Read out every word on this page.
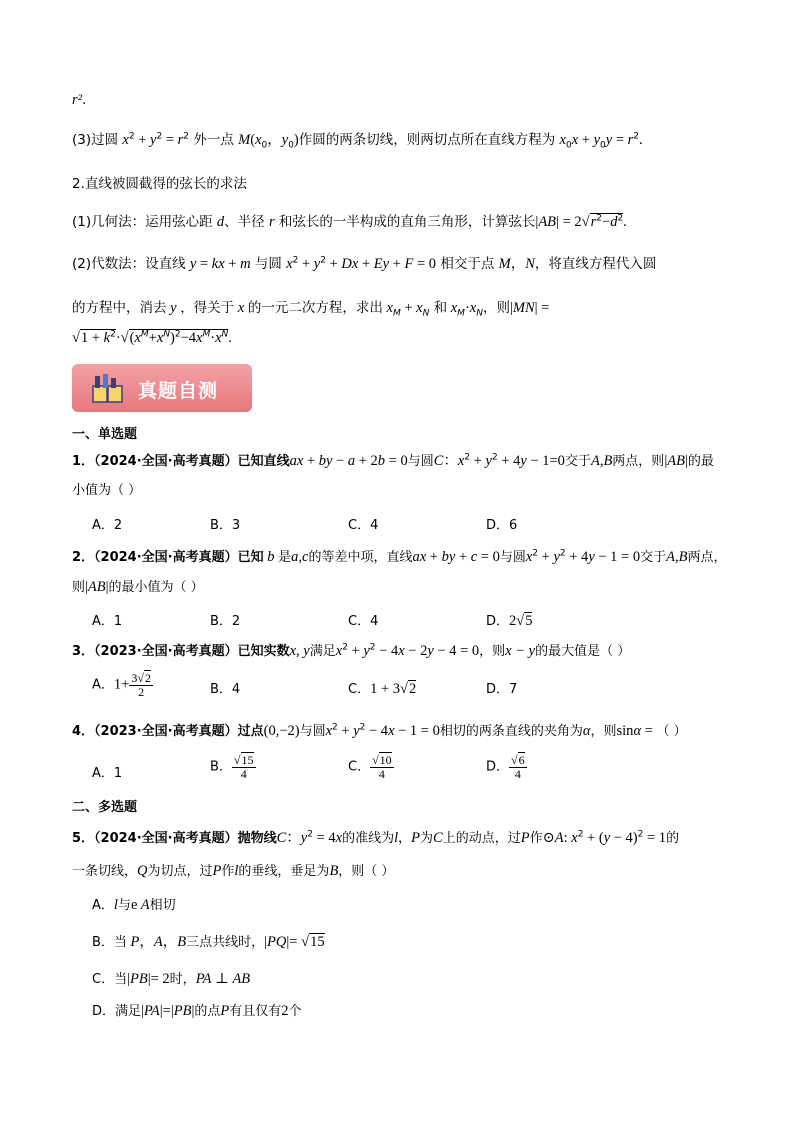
r².
(3)过圆 $x^2 + y^2 = r^2$ 外一点 $M(x_0$，$y_0$)作圆的两条切线，则两切点所在直线方程为 $x_0x + y_0y = r^2$.
2.直线被圆截得的弦长的求法
(1)几何法：运用弦心距 d、半径 r 和弦长的一半构成的直角三角形，计算弦长$|AB| = 2√r^2-d^2$.
(2)代数法：设直线 y = kx + m 与圆 $x^2 + y^2 + Dx + Ey + F = 0$ 相交于点 M，N，将直线方程代入圆
的方程中，消去 y ，得关于 x 的一元二次方程，求出 $x_M + x_N$ 和 $x_M\cdot x_N$，则|MN| =
$√1 + k^2\cdot√(x^M+x^N)^2-4x^M\cdot x^N$.
真题自测
一、单选题
1．（2024·全国·高考真题）已知直线ax + by − a + 2b = 0与圆C：$x^2 + y^2 + 4y - 1=0$交于A,B两点，则|AB|的最
小值为（ ）
A．2	B．3	C．4	D．6
2．（2024·全国·高考真题）已知 b 是a,c的等差中项，直线ax + by + c = 0与圆$x^2 + y^2 + 4y - 1 = 0$交于A,B两点，
则|AB|的最小值为（ ）
A．1	B．2	C．4	D．2√5
3．（2023·全国·高考真题）已知实数x, y满足$x^2 + y^2 - 4x - 2y - 4 = 0$，则x − y的最大值是（ ）
A．$1+ \frac{3√2}{2}$	B．4	C．1 + 3√2	D．7
4．（2023·全国·高考真题）过点(0,−2)与圆$x^2 + y^2 - 4x - 1 = 0$相切的两条直线的夹角为α，则sinα = （ ）
A．1	B． $\frac{√15}{4}$	C． $\frac{√10}{4}$	D． $\frac{√6}{4}$
二、多选题
5．（2024·全国·高考真题）抛物线C：$y^2 = 4x$的准线为l，P为C上的动点，过P作⊙A: $x^2 + (y - 4)^2 = 1$的
一条切线，Q为切点，过P作l的垂线，垂足为B，则（ ）
A．l与e A相切
B．当 P，A，B三点共线时，|PQ|= √15
C．当|PB|= 2时，PA ⊥ AB
D．满足|PA|=|PB|的点P有且仅有2个
